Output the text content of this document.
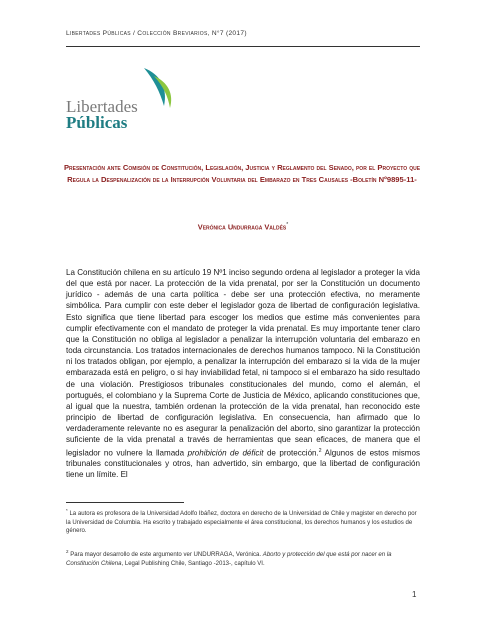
Libertades Públicas / Colección Breviarios, N°7 (2017)
Libertades
Públicas

Presentación ante Comisión de Constitución, Legislación, Justicia y Reglamento del Senado, por el Proyecto que Regula la Despenalización de la Interrupción Voluntaria del Embarazo en Tres Causales -Boletín Nº9895-11-

Verónica Undurraga Valdés*

La Constitución chilena en su artículo 19 Nº1 inciso segundo ordena al legislador a proteger la vida del que está por nacer. La protección de la vida prenatal, por ser la Constitución un documento jurídico - además de una carta política - debe ser una protección efectiva, no meramente simbólica. Para cumplir con este deber el legislador goza de libertad de configuración legislativa. Esto significa que tiene libertad para escoger los medios que estime más convenientes para cumplir efectivamente con el mandato de proteger la vida prenatal. Es muy importante tener claro que la Constitución no obliga al legislador a penalizar la interrupción voluntaria del embarazo en toda circunstancia. Los tratados internacionales de derechos humanos tampoco. Ni la Constitución ni los tratados obligan, por ejemplo, a penalizar la interrupción del embarazo si la vida de la mujer embarazada está en peligro, o si hay inviabilidad fetal, ni tampoco si el embarazo ha sido resultado de una violación. Prestigiosos tribunales constitucionales del mundo, como el alemán, el portugués, el colombiano y la Suprema Corte de Justicia de México, aplicando constituciones que, al igual que la nuestra, también ordenan la protección de la vida prenatal, han reconocido este principio de libertad de configuración legislativa. En consecuencia, han afirmado que lo verdaderamente relevante no es asegurar la penalización del aborto, sino garantizar la protección suficiente de la vida prenatal a través de herramientas que sean eficaces, de manera que el legislador no vulnere la llamada prohibición de déficit de protección.$^2$ Algunos de estos mismos tribunales constitucionales y otros, han advertido, sin embargo, que la libertad de configuración tiene un límite. El

* La autora es profesora de la Universidad Adolfo Ibáñez, doctora en derecho de la Universidad de Chile y magister en derecho por la Universidad de Columbia. Ha escrito y trabajado especialmente el área constitucional, los derechos humanos y los estudios de género.

$^2$ Para mayor desarrollo de este argumento ver UNDURRAGA, Verónica. Aborto y protección del que está por nacer en la Constitución Chilena, Legal Publishing Chile, Santiago -2013-, capítulo VI.

1
